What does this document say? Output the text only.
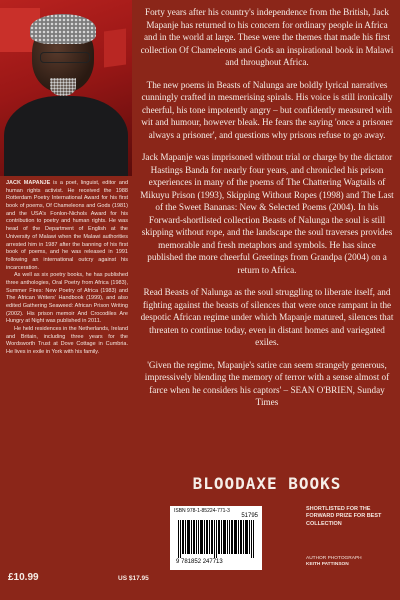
JACK MAPANJE is a poet, linguist, editor and human rights activist. He received the 1988 Rotterdam Poetry International Award for his first book of poems, Of Chameleons and Gods (1981) and the USA's Fonlon-Nichols Award for his contribution to poetry and human rights. He was head of the Department of English at the University of Malawi when the Malawi authorities arrested him in 1987 after the banning of his first book of poems, and he was released in 1991 following an international outcry against his incarceration.

As well as six poetry books, he has published three anthologies, Oral Poetry from Africa (1983), Summer Fires: New Poetry of Africa (1983) and The African Writers' Handbook (1999), and also edited Gathering Seaweed: African Prison Writing (2002). His prison memoir And Crocodiles Are Hungry at Night was published in 2011.

He held residences in the Netherlands, Ireland and Britain, including three years for the Wordsworth Trust at Dove Cottage in Cumbria. He lives in exile in York with his family.

Forty years after his country's independence from the British, Jack Mapanje has returned to his concern for ordinary people in Africa and in the world at large. These were the themes that made his first collection Of Chameleons and Gods an inspirational book in Malawi and throughout Africa.

The new poems in Beasts of Nalunga are boldly lyrical narratives cunningly crafted in mesmerising spirals. His voice is still ironically cheerful, his tone impotently angry – but confidently measured with wit and humour, however bleak. He fears the saying 'once a prisoner always a prisoner', and questions why prisons refuse to go away.

Jack Mapanje was imprisoned without trial or charge by the dictator Hastings Banda for nearly four years, and chronicled his prison experiences in many of the poems of The Chattering Wagtails of Mikuyu Prison (1993), Skipping Without Ropes (1998) and The Last of the Sweet Bananas: New & Selected Poems (2004). In his Forward-shortlisted collection Beasts of Nalunga the soul is still skipping without rope, and the landscape the soul traverses provides memorable and fresh metaphors and symbols. He has since published the more cheerful Greetings from Grandpa (2004) on a return to Africa.

Read Beasts of Nalunga as the soul struggling to liberate itself, and fighting against the beasts of silences that were once rampant in the despotic African regime under which Mapanje matured, silences that threaten to continue today, even in distant homes and variegated exiles.

'Given the regime, Mapanje's satire can seem strangely generous, impressively blending the memory of terror with a sense almost of farce when he considers his captors' – SEAN O'BRIEN, Sunday Times

BLOODAXE BOOKS
ISBN 978-1-85224-771-3
51795
9 781852 247713
SHORTLISTED FOR THE FORWARD PRIZE FOR BEST COLLECTION
AUTHOR PHOTOGRAPH
KEITH PATTINSON
£10.99	US $17.95
